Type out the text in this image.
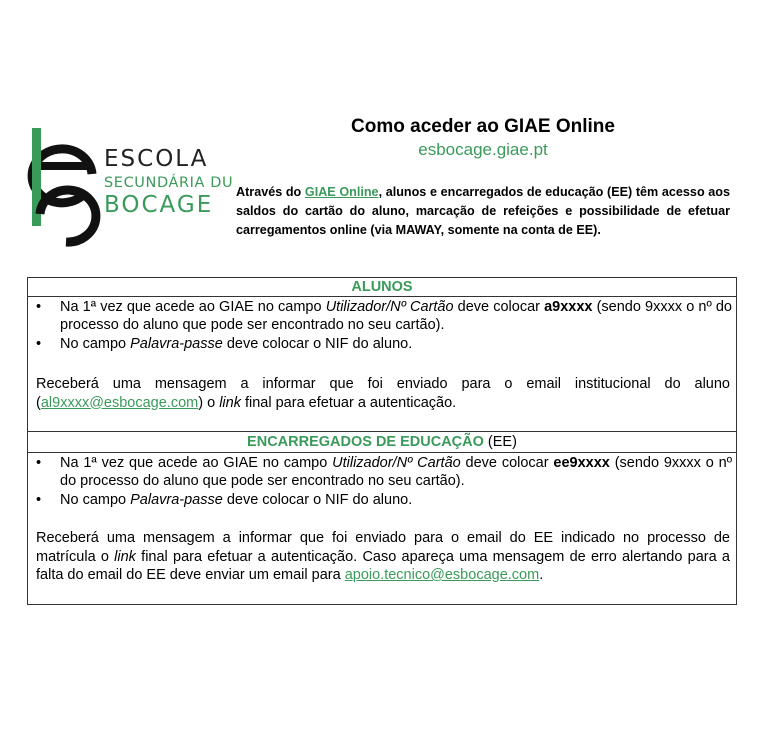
ESCOLA
SECUNDÁRIA DU
BOCAGE
Como aceder ao GIAE Online
esbocage.giae.pt
Através do GIAE Online, alunos e encarregados de educação (EE) têm acesso aos saldos do cartão do aluno, marcação de refeições e possibilidade de efetuar carregamentos online (via MAWAY, somente na conta de EE).
ALUNOS
• Na 1ª vez que acede ao GIAE no campo Utilizador/Nº Cartão deve colocar a9xxxx (sendo 9xxxx o nº do processo do aluno que pode ser encontrado no seu cartão).
• No campo Palavra-passe deve colocar o NIF do aluno.

Receberá uma mensagem a informar que foi enviado para o email institucional do aluno (al9xxxx@esbocage.com) o link final para efetuar a autenticação.

ENCARREGADOS DE EDUCAÇÃO (EE)
• Na 1ª vez que acede ao GIAE no campo Utilizador/Nº Cartão deve colocar ee9xxxx (sendo 9xxxx o nº do processo do aluno que pode ser encontrado no seu cartão).
• No campo Palavra-passe deve colocar o NIF do aluno.

Receberá uma mensagem a informar que foi enviado para o email do EE indicado no processo de matrícula o link final para efetuar a autenticação. Caso apareça uma mensagem de erro alertando para a falta do email do EE deve enviar um email para apoio.tecnico@esbocage.com.
